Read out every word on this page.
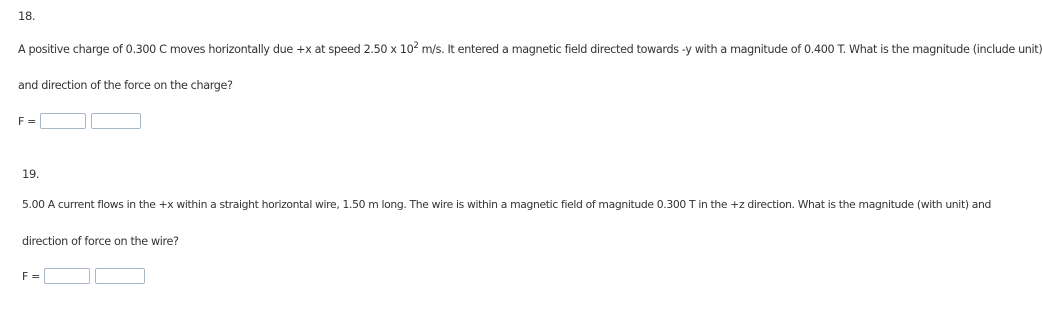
18.
A positive charge of 0.300 C moves horizontally due +x at speed 2.50 x $10^2$ m/s. It entered a magnetic field directed towards -y with a magnitude of 0.400 T. What is the magnitude (include unit)
and direction of the force on the charge?
F =
19.
5.00 A current flows in the +x within a straight horizontal wire, 1.50 m long. The wire is within a magnetic field of magnitude 0.300 T in the +z direction. What is the magnitude (with unit) and
direction of force on the wire?
F =
